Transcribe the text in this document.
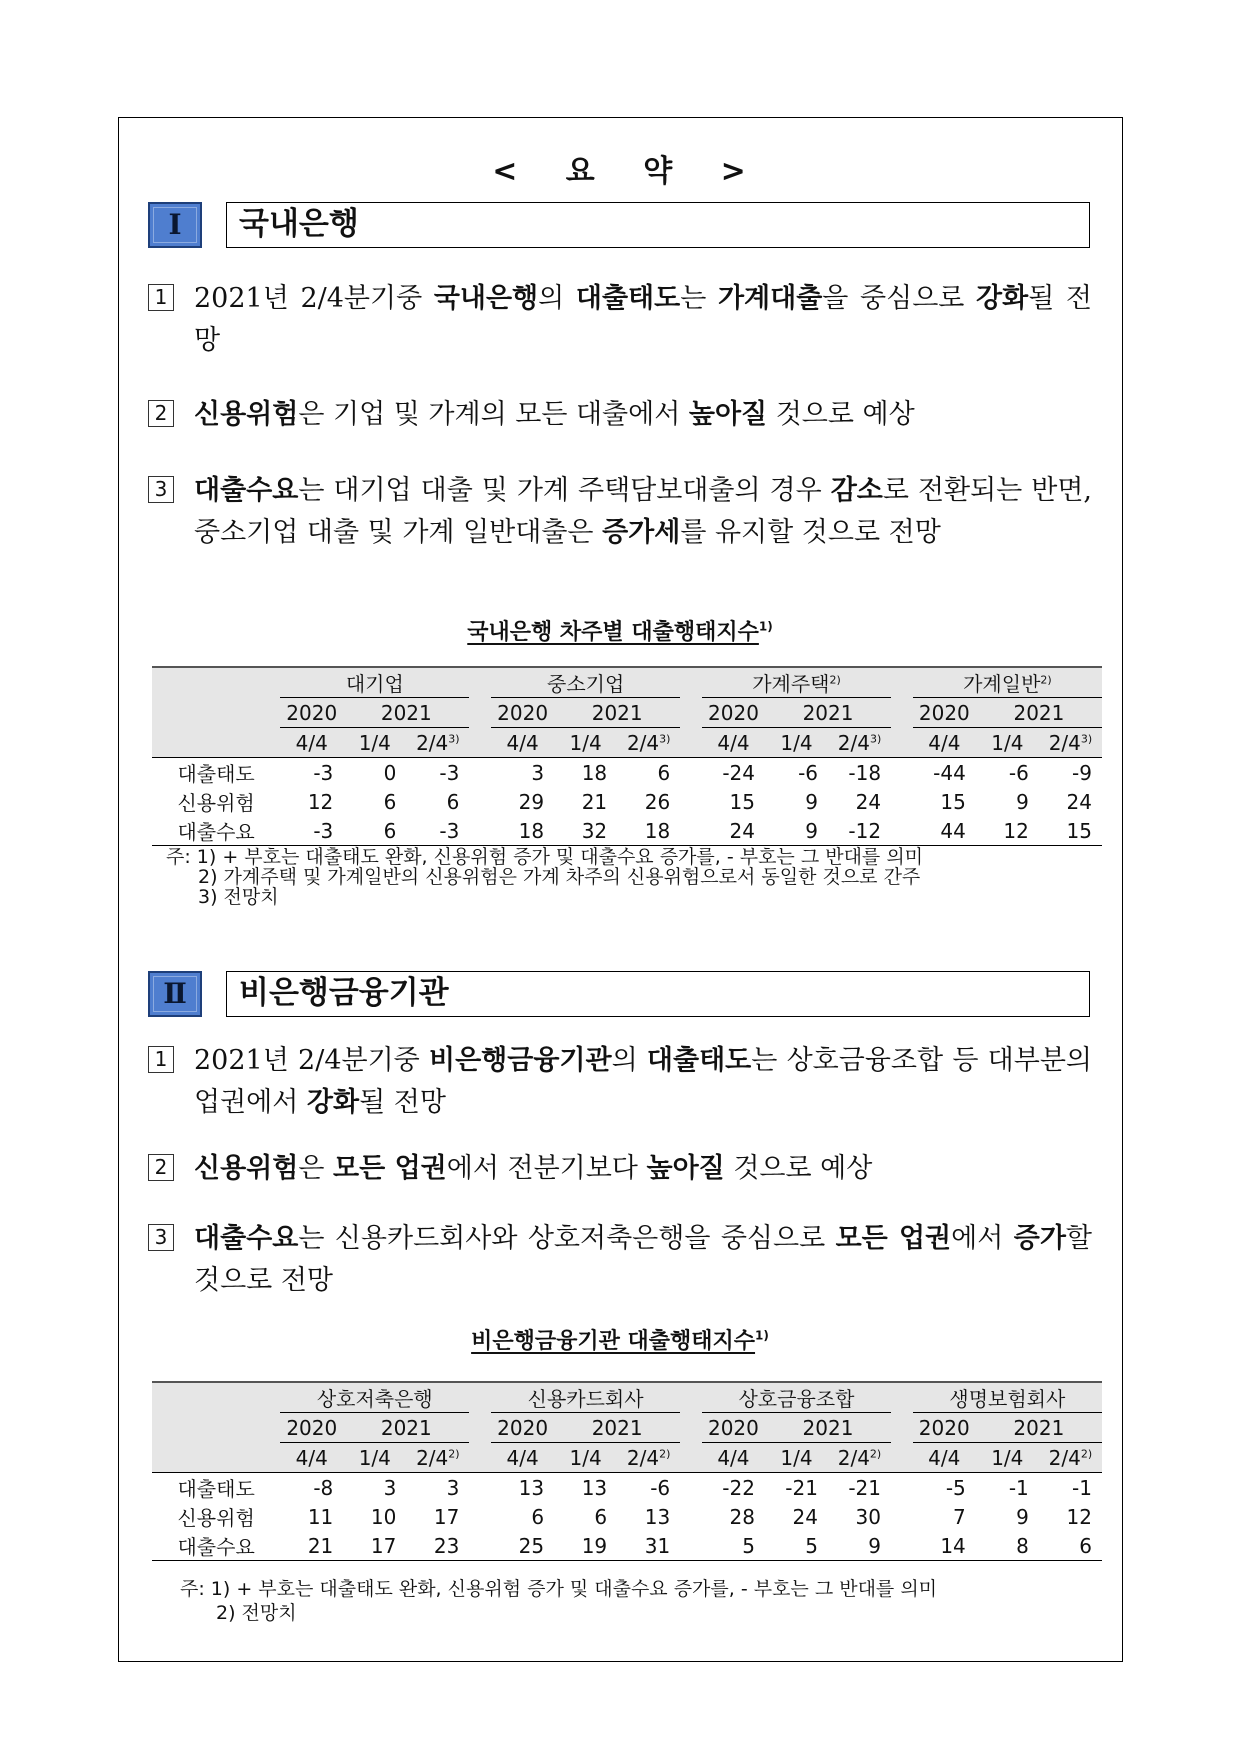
< 요 약 >
Ⅰ	국내은행
1 2021년 2/4분기중 국내은행의 대출태도는 가계대출을 중심으로 강화될 전망
2 신용위험은 기업 및 가계의 모든 대출에서 높아질 것으로 예상
3 대출수요는 대기업 대출 및 가계 주택담보대출의 경우 감소로 전환되는 반면, 중소기업 대출 및 가계 일반대출은 증가세를 유지할 것으로 전망
국내은행 차주별 대출행태지수$^{1)}$
	대기업				중소기업				가계주택$^{2)}$				가계일반$^{2)}$
	2020	2021			2020	2021			2020	2021			2020	2021	
	4/4	1/4	2/4$^{3)}$		4/4	1/4	2/4$^{3)}$		4/4	1/4	2/4$^{3)}$		4/4	1/4	2/4$^{3)}$
대출태도	-3	0	-3		3	18	6		-24	-6	-18		-44	-6	-9
신용위험	12	6	6		29	21	26		15	9	24		15	9	24
대출수요	-3	6	-3		18	32	18		24	9	-12		44	12	15
주: 1) + 부호는 대출태도 완화, 신용위험 증가 및 대출수요 증가를, - 부호는 그 반대를 의미
2) 가계주택 및 가계일반의 신용위험은 가계 차주의 신용위험으로서 동일한 것으로 간주
3) 전망치
Ⅱ	비은행금융기관
1 2021년 2/4분기중 비은행금융기관의 대출태도는 상호금융조합 등 대부분의 업권에서 강화될 전망
2 신용위험은 모든 업권에서 전분기보다 높아질 것으로 예상
3 대출수요는 신용카드회사와 상호저축은행을 중심으로 모든 업권에서 증가할 것으로 전망
비은행금융기관 대출행태지수$^{1)}$
	상호저축은행				신용카드회사				상호금융조합				생명보험회사		
	2020	2021			2020	2021			2020	2021			2020	2021	
	4/4	1/4	2/4$^{2)}$		4/4	1/4	2/4$^{2)}$		4/4	1/4	2/4$^{2)}$		4/4	1/4	2/4$^{2)}$
대출태도	-8	3	3		13	13	-6		-22	-21	-21		-5	-1	-1
신용위험	11	10	17		6	6	13		28	24	30		7	9	12
대출수요	21	17	23		25	19	31		5	5	9		14	8	6
주: 1) + 부호는 대출태도 완화, 신용위험 증가 및 대출수요 증가를, - 부호는 그 반대를 의미
2) 전망치
